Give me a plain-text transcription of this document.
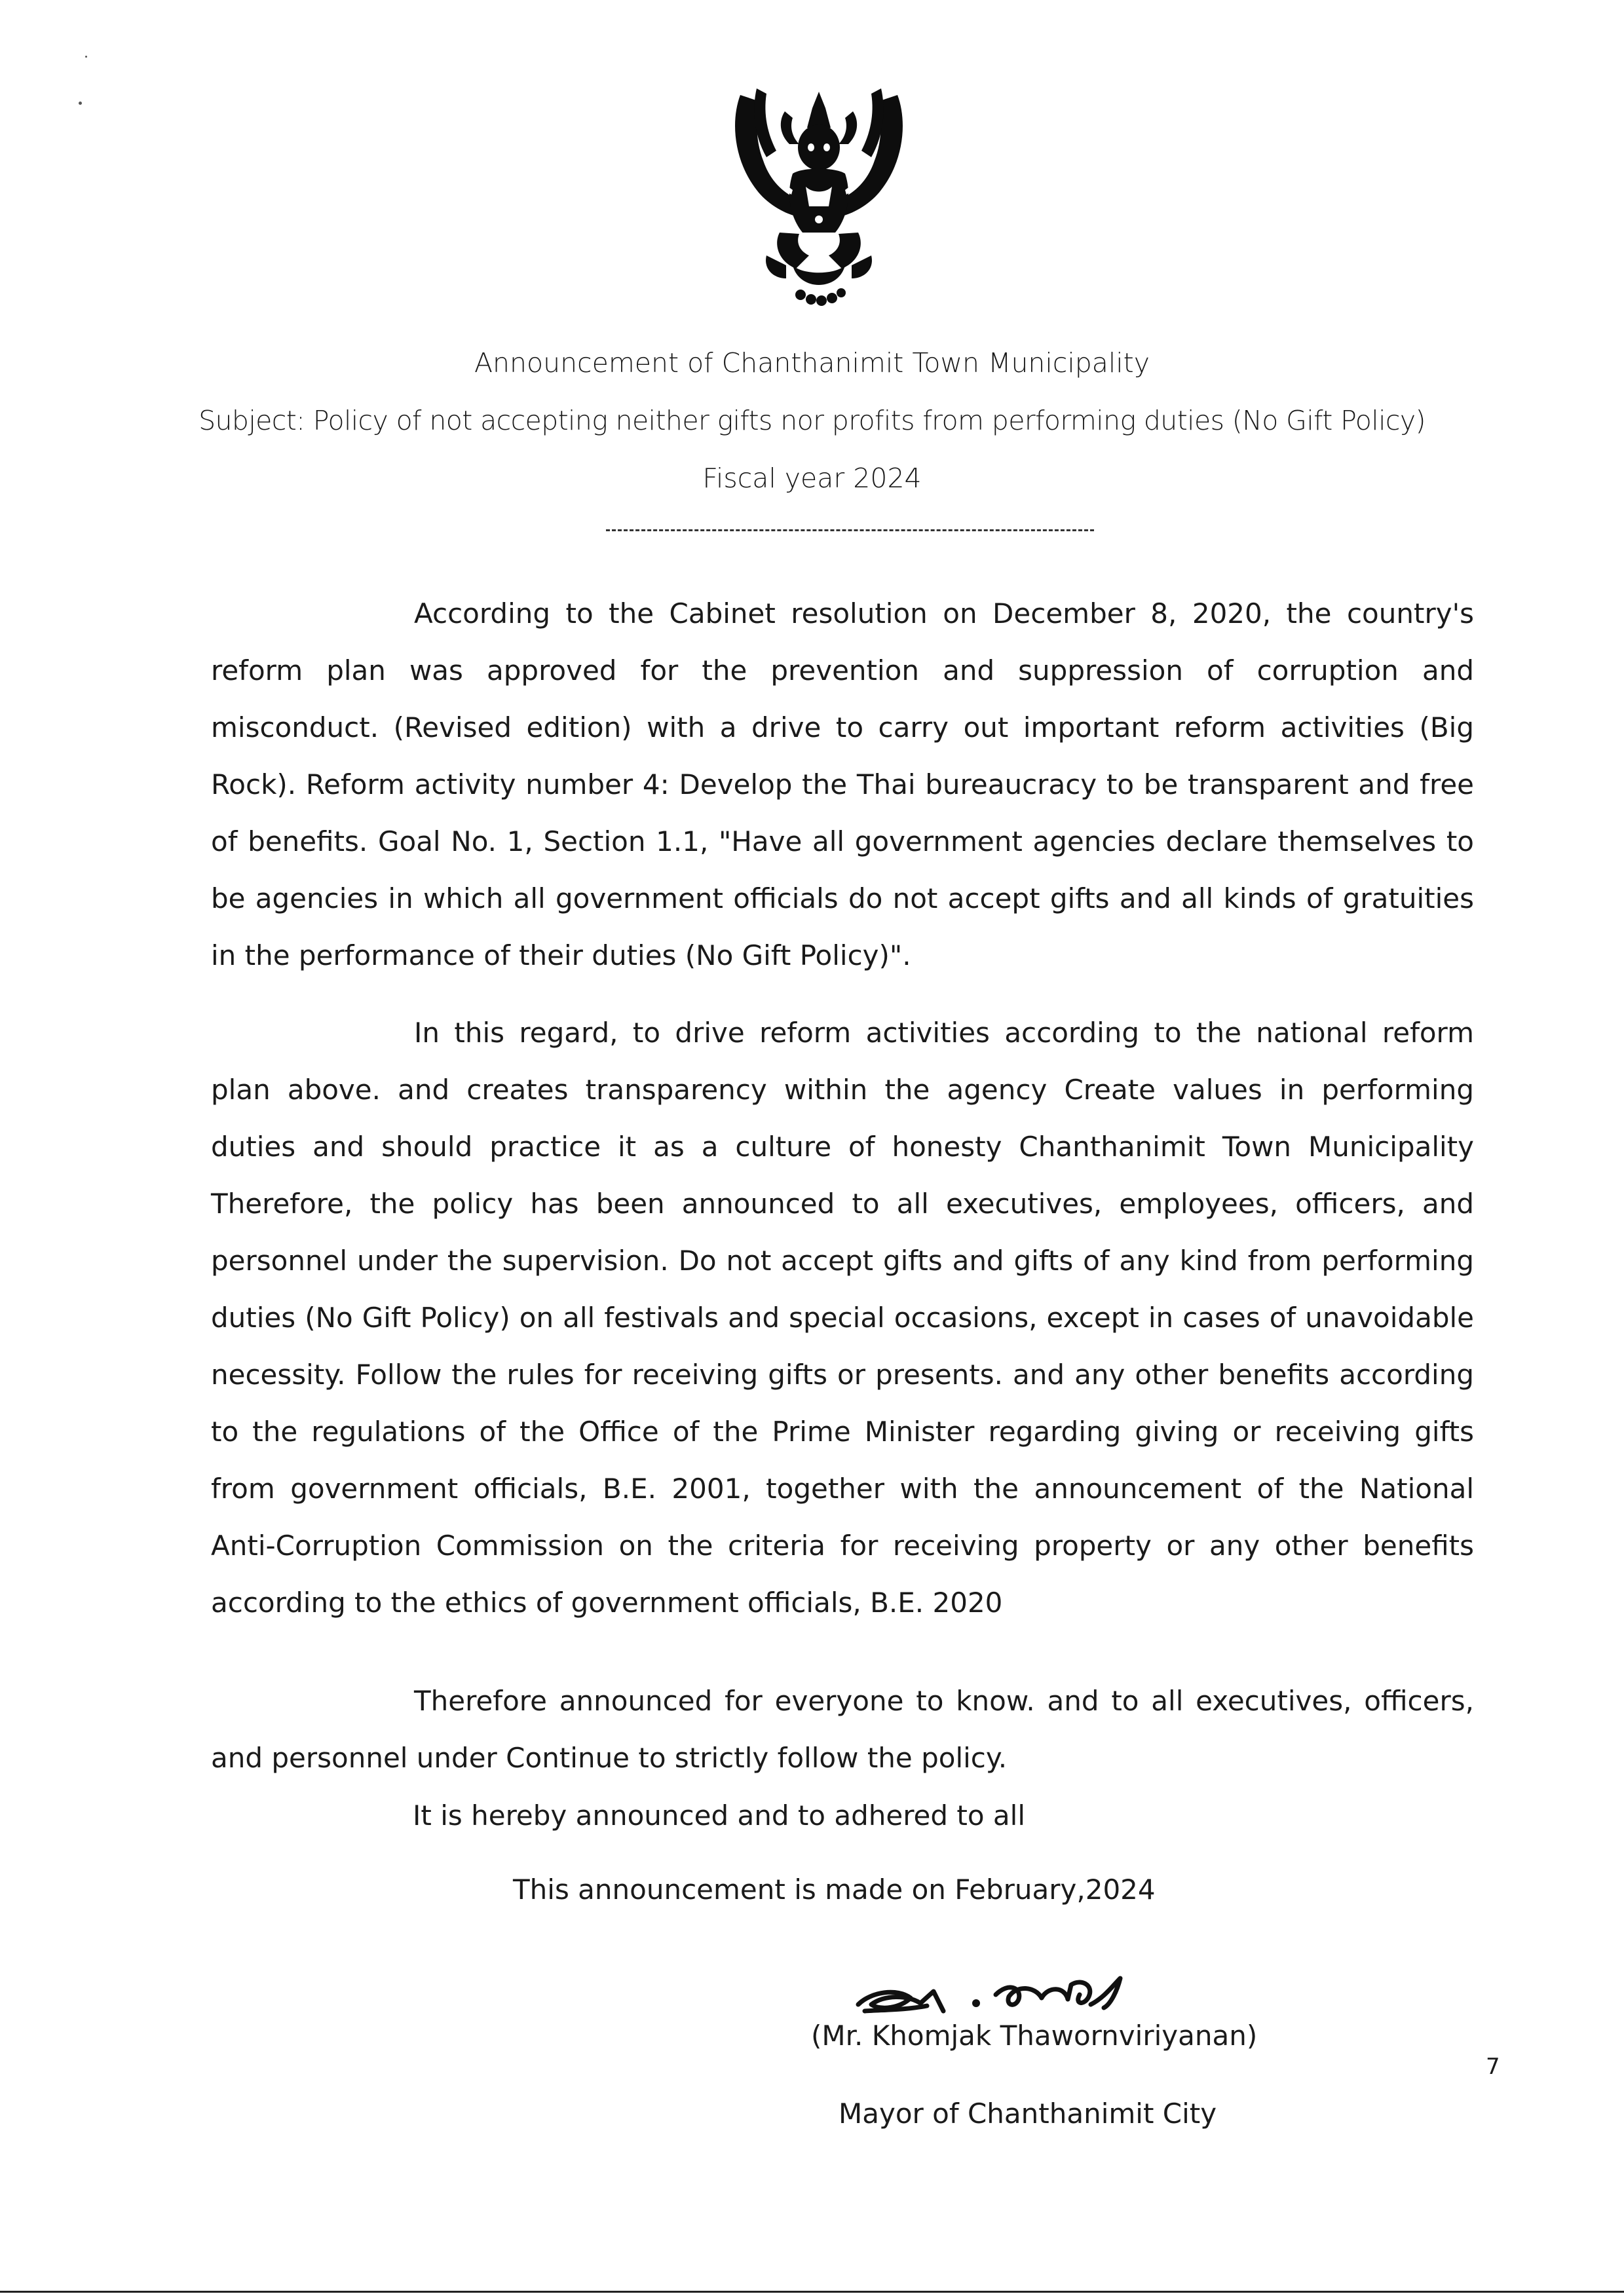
Announcement of Chanthanimit Town Municipality
Subject: Policy of not accepting neither gifts nor profits from performing duties (No Gift Policy)
Fiscal year 2024

According to the Cabinet resolution on December 8, 2020, the country's reform plan was approved for the prevention and suppression of corruption and misconduct. (Revised edition) with a drive to carry out important reform activities (Big Rock). Reform activity number 4: Develop the Thai bureaucracy to be transparent and free of benefits. Goal No. 1, Section 1.1, "Have all government agencies declare themselves to be agencies in which all government officials do not accept gifts and all kinds of gratuities in the performance of their duties (No Gift Policy)".

In this regard, to drive reform activities according to the national reform plan above. and creates transparency within the agency Create values in performing duties and should practice it as a culture of honesty Chanthanimit Town Municipality Therefore, the policy has been announced to all executives, employees, officers, and personnel under the supervision. Do not accept gifts and gifts of any kind from performing duties (No Gift Policy) on all festivals and special occasions, except in cases of unavoidable necessity. Follow the rules for receiving gifts or presents. and any other benefits according to the regulations of the Office of the Prime Minister regarding giving or receiving gifts from government officials, B.E. 2001, together with the announcement of the National Anti-Corruption Commission on the criteria for receiving property or any other benefits according to the ethics of government officials, B.E. 2020

Therefore announced for everyone to know. and to all executives, officers, and personnel under Continue to strictly follow the policy.

It is hereby announced and to adhered to all
This announcement is made on February,2024
(Mr. Khomjak Thawornviriyanan)
Mayor of Chanthanimit City
7
